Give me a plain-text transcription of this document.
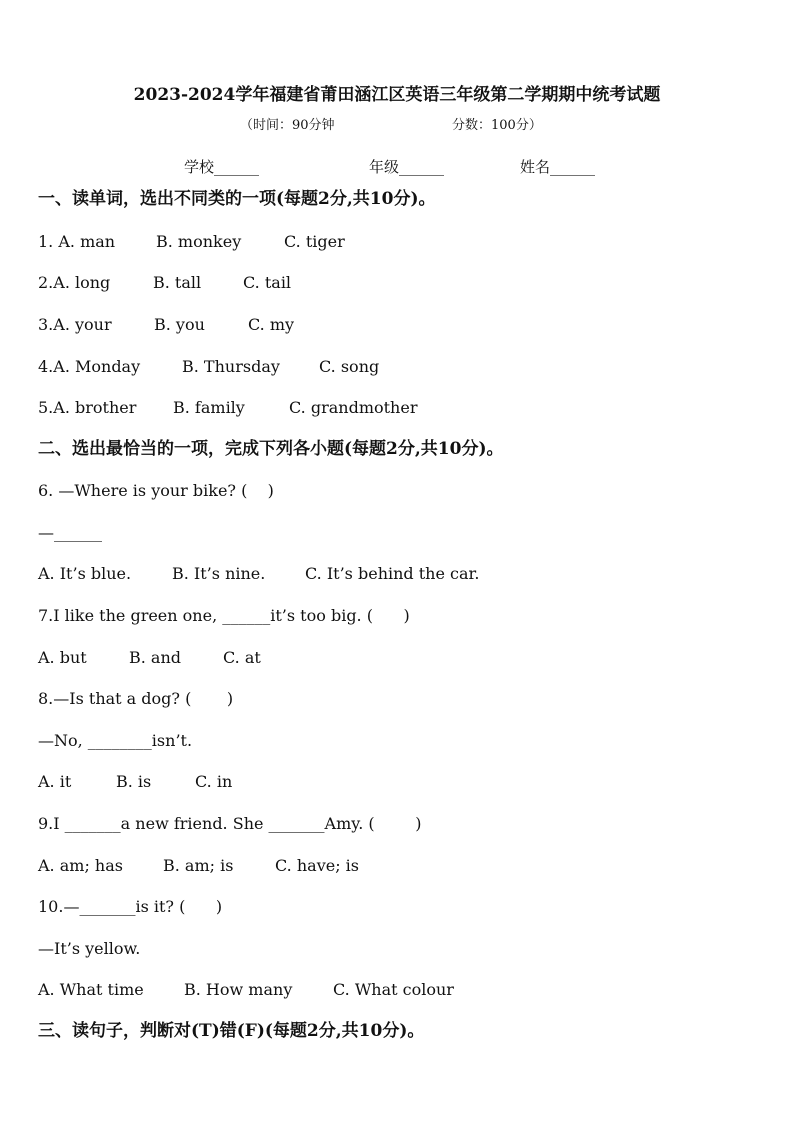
2023-2024学年福建省莆田涵江区英语三年级第二学期期中统考试题
（时间：90分钟	分数：100分）
学校______	年级______	姓名______
一、读单词，选出不同类的一项(每题2分,共10分)。
1. A. man	B. monkey	C. tiger
2.A. long	B. tall	C. tail
3.A. your	B. you	C. my
4.A. Monday	B. Thursday C. song
5.A. brother B. family	C. grandmother
二、选出最恰当的一项，完成下列各小题(每题2分,共10分)。
6. —Where is your bike? (    )
—______
A. It’s blue.	B. It’s nine. C. It’s behind the car.
7.I like the green one, ______it’s too big. (      )
A. but	B. and	C. at
8.—Is that a dog? (       )
—No, ________isn’t.
A. it	B. is	C. in
9.I _______a new friend. She _______Amy. (        )
A. am; has	B. am; is	C. have; is
10.—_______is it? (      )
—It’s yellow.
A. What time	B. How many	C. What colour
三、读句子，判断对(T)错(F)(每题2分,共10分)。
